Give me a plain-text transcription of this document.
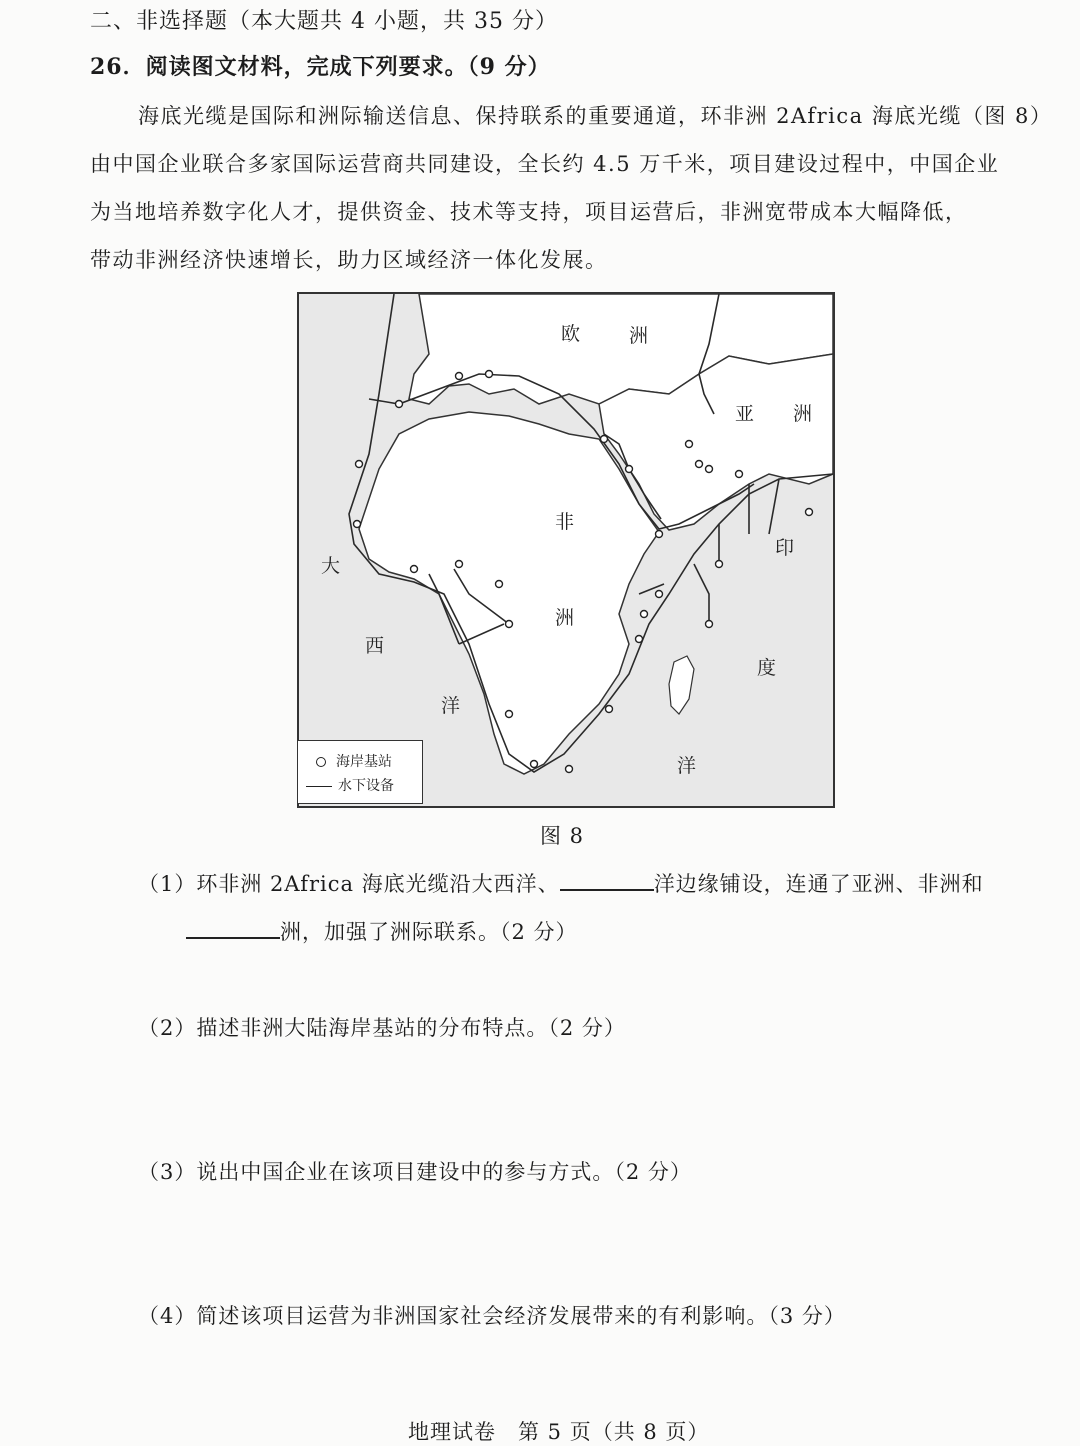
二、非选择题（本大题共 4 小题，共 35 分）
26．阅读图文材料，完成下列要求。（9 分）
海底光缆是国际和洲际输送信息、保持联系的重要通道，环非洲 2Africa 海底光缆（图 8）
由中国企业联合多家国际运营商共同建设，全长约 4.5 万千米，项目建设过程中，中国企业
为当地培养数字化人才，提供资金、技术等支持，项目运营后，非洲宽带成本大幅降低，
带动非洲经济快速增长，助力区域经济一体化发展。
欧	洲
亚 洲
非
洲
大
西
洋
印
度
洋
海岸基站
水下设备
图 8
（1）环非洲 2Africa 海底光缆沿大西洋、	洋边缘铺设，连通了亚洲、非洲和
洲，加强了洲际联系。（2 分）
（2）描述非洲大陆海岸基站的分布特点。（2 分）
（3）说出中国企业在该项目建设中的参与方式。（2 分）
（4）简述该项目运营为非洲国家社会经济发展带来的有利影响。（3 分）
地理试卷　第 5 页（共 8 页）
